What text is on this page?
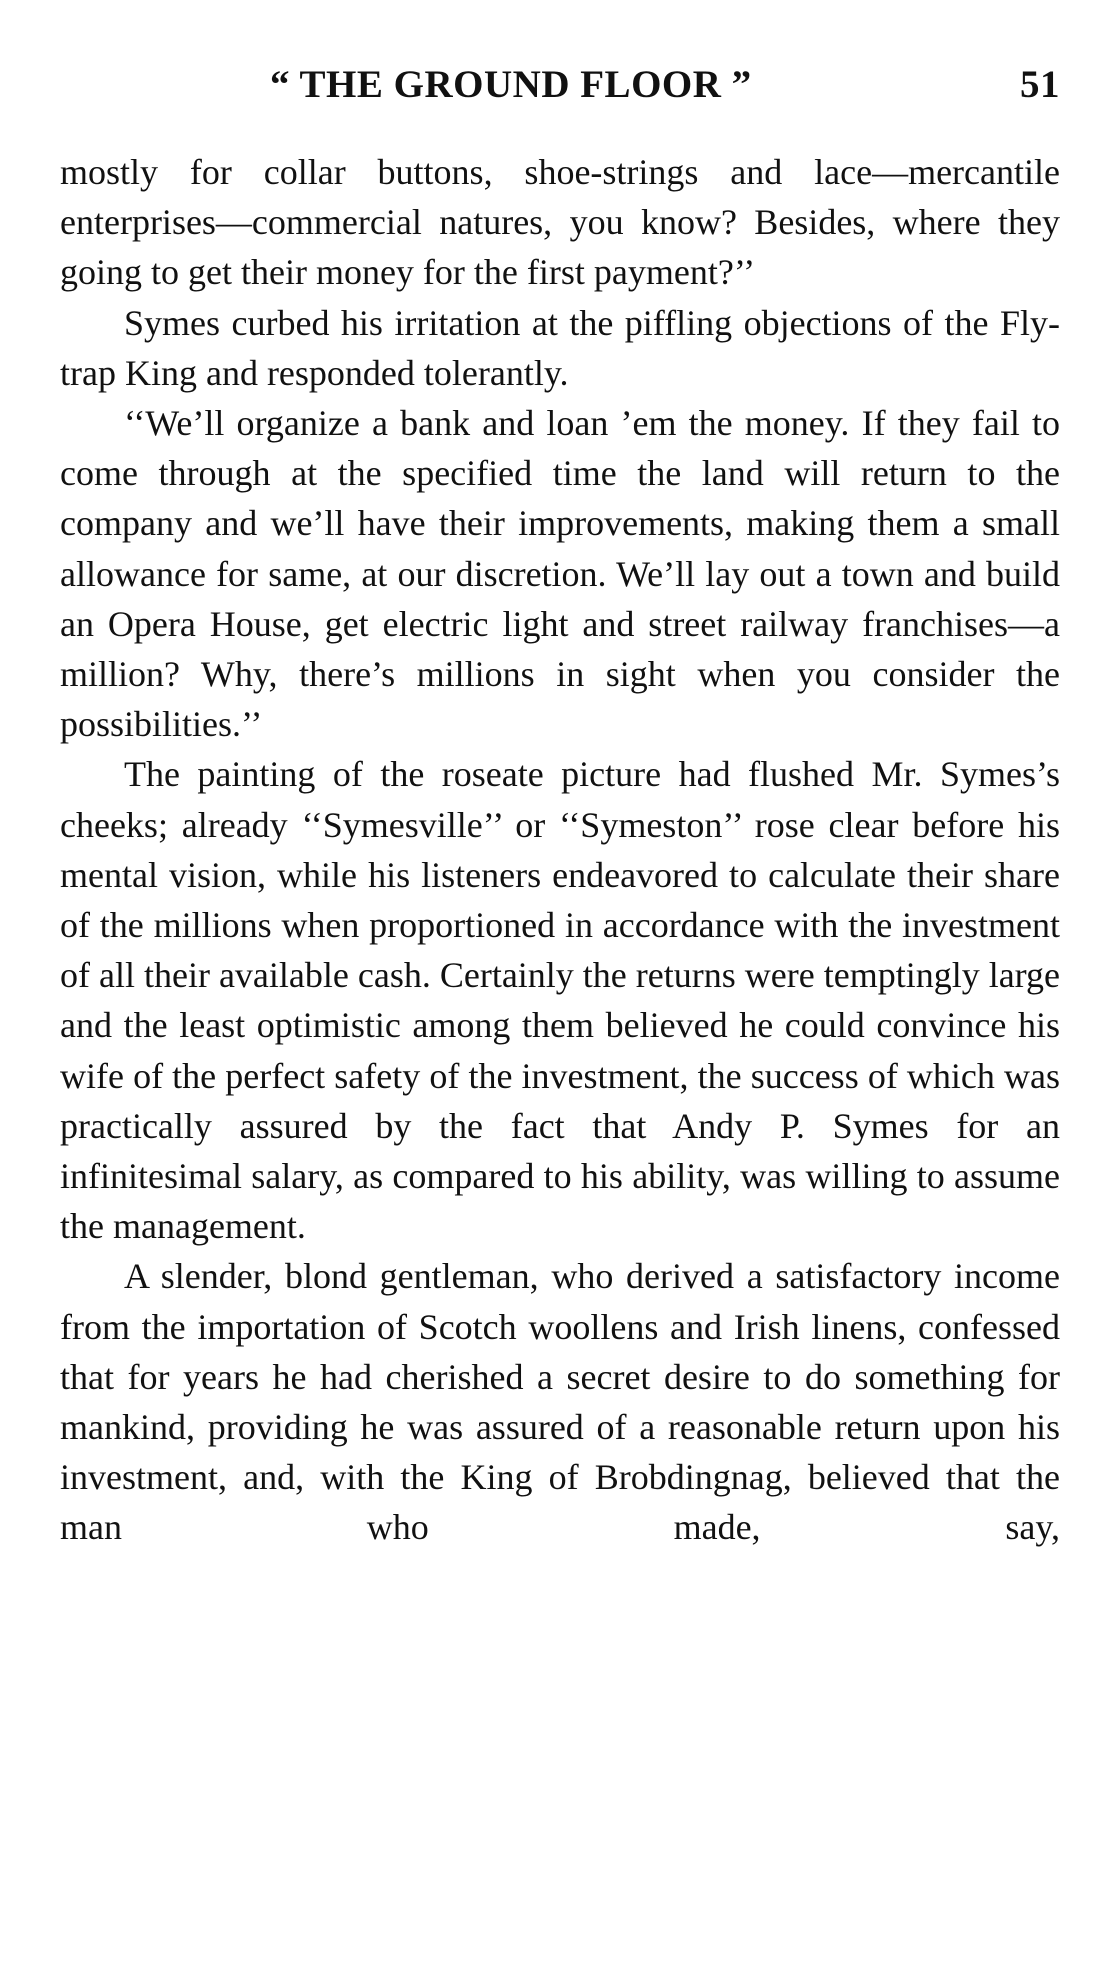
“ THE GROUND FLOOR ”	51

mostly for collar buttons, shoe-strings and lace—mercantile enterprises—commercial natures, you know? Besides, where they going to get their money for the first payment?’’

Symes curbed his irritation at the piffling objections of the Fly-trap King and responded tolerantly.

‘‘We’ll organize a bank and loan ’em the money. If they fail to come through at the specified time the land will return to the company and we’ll have their improvements, making them a small allowance for same, at our discretion. We’ll lay out a town and build an Opera House, get electric light and street railway franchises—a million? Why, there’s millions in sight when you consider the possibilities.’’

The painting of the roseate picture had flushed Mr. Symes’s cheeks; already ‘‘Symesville’’ or ‘‘Symeston’’ rose clear before his mental vision, while his listeners endeavored to calculate their share of the millions when proportioned in accordance with the investment of all their available cash. Certainly the returns were temptingly large and the least optimistic among them believed he could convince his wife of the perfect safety of the investment, the success of which was practically assured by the fact that Andy P. Symes for an infinitesimal salary, as compared to his ability, was willing to assume the management.

A slender, blond gentleman, who derived a satisfactory income from the importation of Scotch woollens and Irish linens, confessed that for years he had cherished a secret desire to do something for mankind, providing he was assured of a reasonable return upon his investment, and, with the King of Brobdingnag, believed that the man who made, say,
